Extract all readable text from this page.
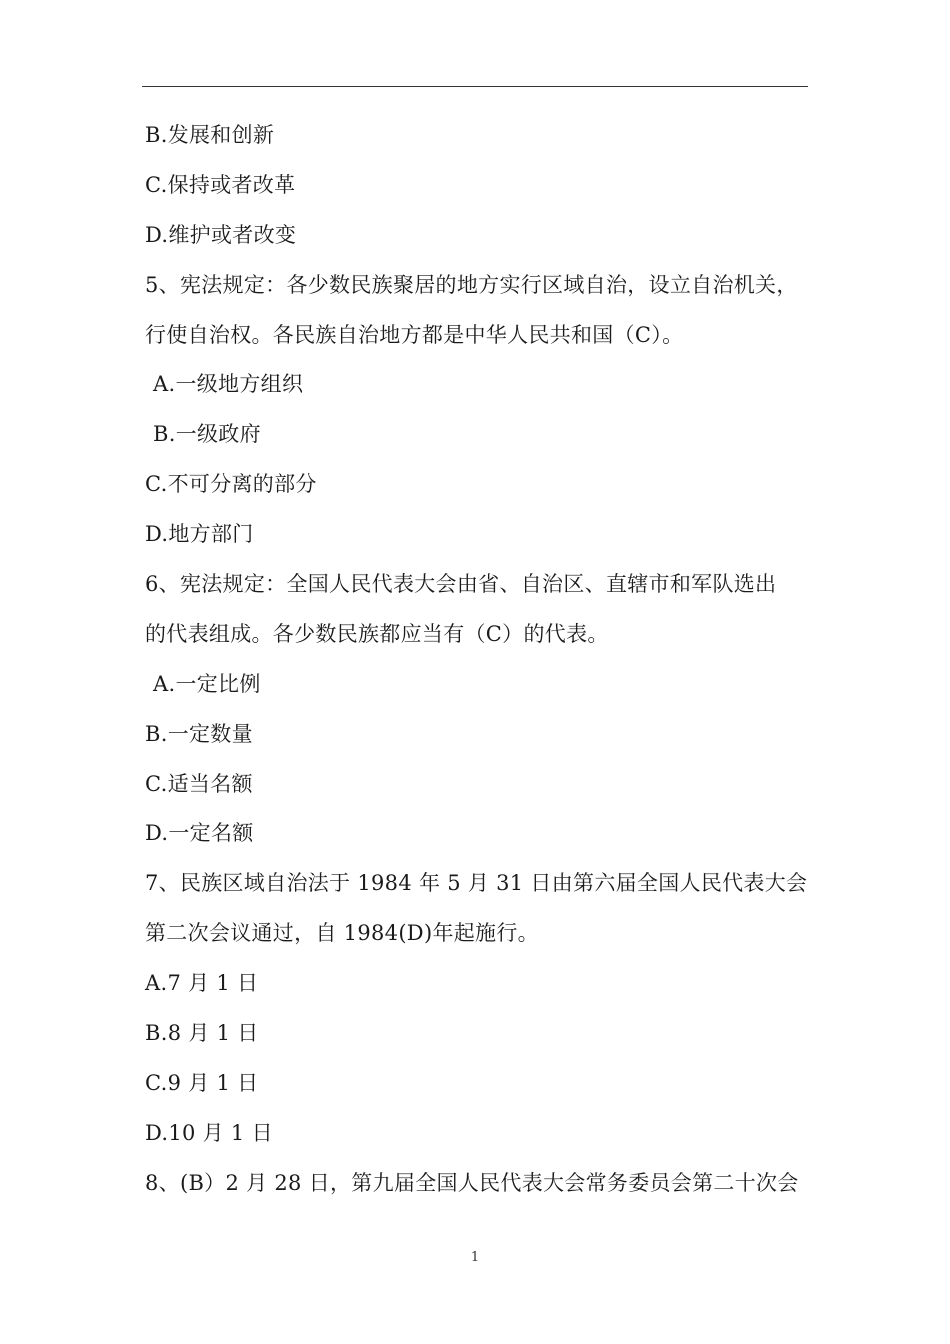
B.发展和创新
C.保持或者改革
D.维护或者改变
5、宪法规定：各少数民族聚居的地方实行区域自治，设立自治机关，
行使自治权。各民族自治地方都是中华人民共和国（C）。
A.一级地方组织
B.一级政府
C.不可分离的部分
D.地方部门
6、宪法规定：全国人民代表大会由省、自治区、直辖市和军队选出
的代表组成。各少数民族都应当有（C）的代表。
A.一定比例
B.一定数量
C.适当名额
D.一定名额
7、民族区域自治法于 1984 年 5 月 31 日由第六届全国人民代表大会
第二次会议通过，自 1984(D)年起施行。
A.7 月 1 日
B.8 月 1 日
C.9 月 1 日
D.10 月 1 日
8、(B）2 月 28 日，第九届全国人民代表大会常务委员会第二十次会
1
